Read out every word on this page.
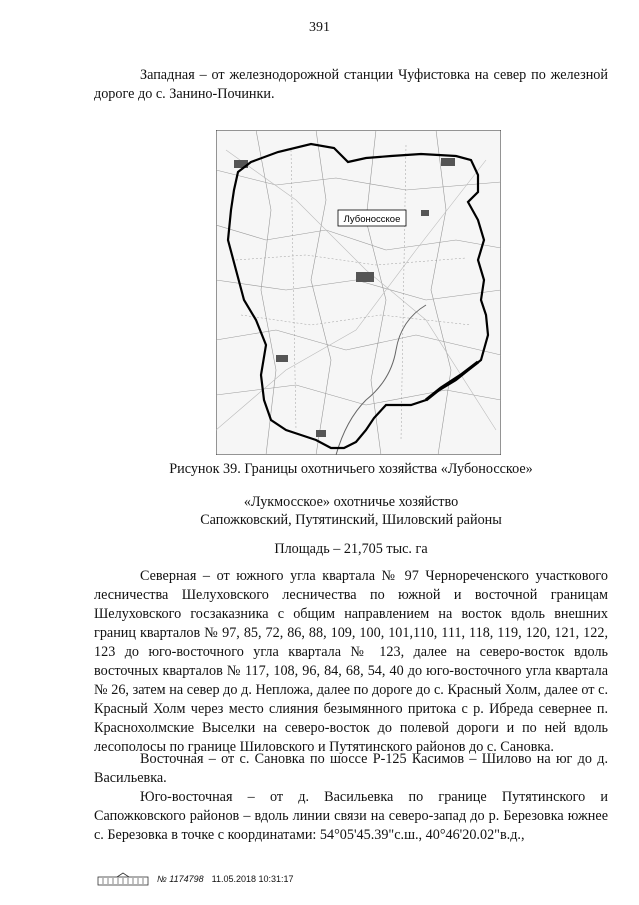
391

Западная – от железнодорожной станции Чуфистовка на север по железной дороге до с. Занино-Починки.

Лубоносское

Рисунок 39. Границы охотничьего хозяйства «Лубоносское»

«Лукмосское» охотничье хозяйство

Сапожковский, Путятинский, Шиловский районы

Площадь – 21,705 тыс. га

Северная – от южного угла квартала № 97 Чернореченского участкового лесничества Шелуховского лесничества по южной и восточной границам Шелуховского госзаказника с общим направлением на восток вдоль внешних границ кварталов № 97, 85, 72, 86, 88, 109, 100, 101,110, 111, 118, 119, 120, 121, 122, 123 до юго-восточного угла квартала № 123, далее на северо-восток вдоль восточных кварталов № 117, 108, 96, 84, 68, 54, 40 до юго-восточного угла квартала № 26, затем на север до д. Непложа, далее по дороге до с. Красный Холм, далее от с. Красный Холм через место слияния безымянного притока с р. Ибреда севернее п. Краснохолмские Выселки на северо-восток до полевой дороги и по ней вдоль лесополосы по границе Шиловского и Путятинского районов до с. Сановка.

Восточная – от с. Сановка по шоссе Р-125 Касимов – Шилово на юг до д. Васильевка.

Юго-восточная – от д. Васильевка по границе Путятинского и Сапожковского районов – вдоль линии связи на северо-запад до р. Березовка южнее с. Березовка в точке с координатами: 54°05'45.39"с.ш., 40°46'20.02"в.д.,

№ 1174798 11.05.2018 10:31:17
